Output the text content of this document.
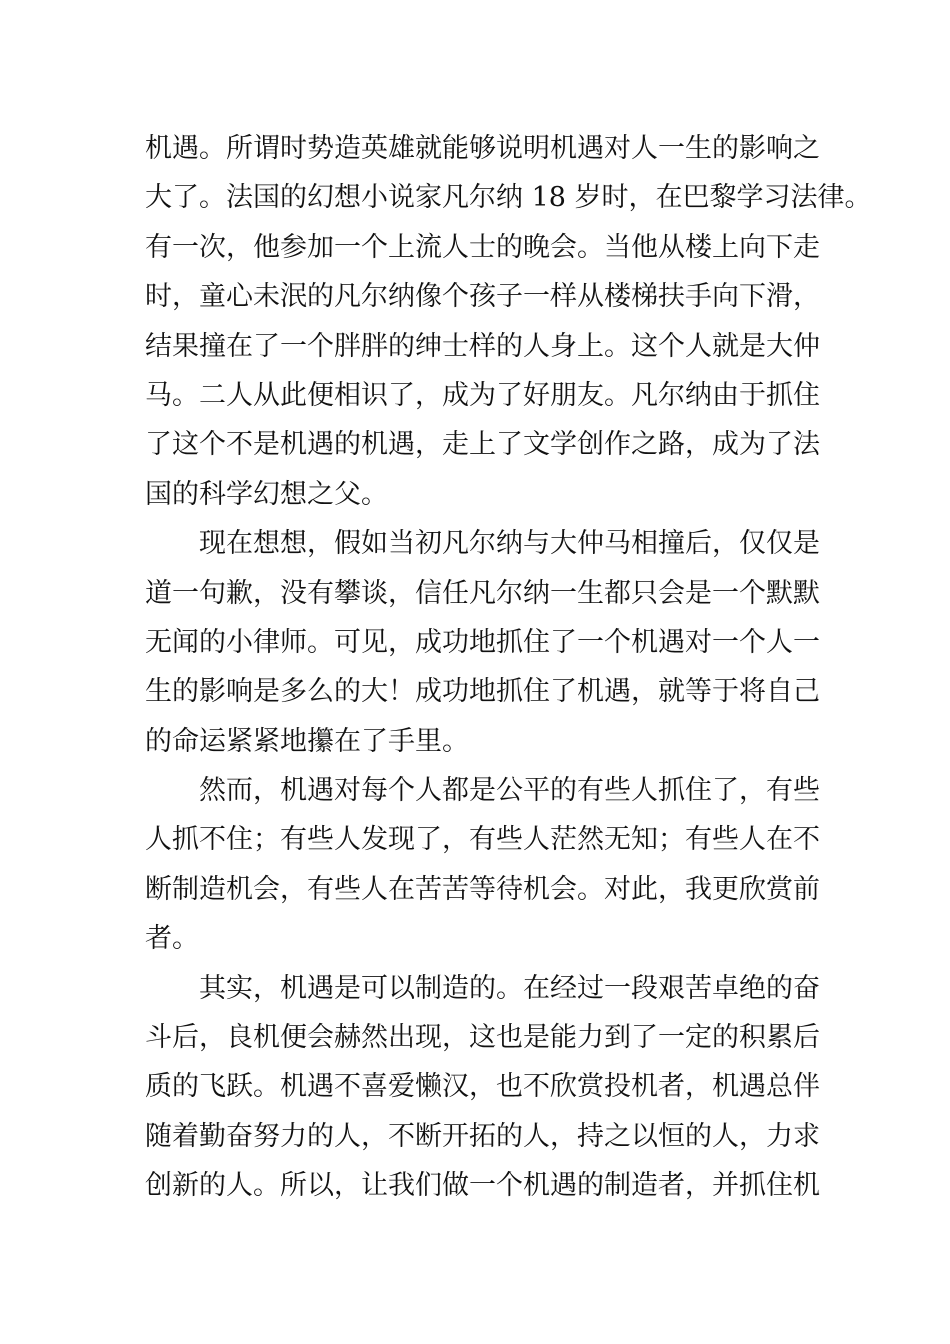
机遇。所谓时势造英雄就能够说明机遇对人一生的影响之
大了。法国的幻想小说家凡尔纳 18 岁时，在巴黎学习法律。
有一次，他参加一个上流人士的晚会。当他从楼上向下走
时，童心未泯的凡尔纳像个孩子一样从楼梯扶手向下滑，
结果撞在了一个胖胖的绅士样的人身上。这个人就是大仲
马。二人从此便相识了，成为了好朋友。凡尔纳由于抓住
了这个不是机遇的机遇，走上了文学创作之路，成为了法
国的科学幻想之父。
现在想想，假如当初凡尔纳与大仲马相撞后，仅仅是
道一句歉，没有攀谈，信任凡尔纳一生都只会是一个默默
无闻的小律师。可见，成功地抓住了一个机遇对一个人一
生的影响是多么的大！成功地抓住了机遇，就等于将自己
的命运紧紧地攥在了手里。
然而，机遇对每个人都是公平的有些人抓住了，有些
人抓不住；有些人发现了，有些人茫然无知；有些人在不
断制造机会，有些人在苦苦等待机会。对此，我更欣赏前
者。
其实，机遇是可以制造的。在经过一段艰苦卓绝的奋
斗后，良机便会赫然出现，这也是能力到了一定的积累后
质的飞跃。机遇不喜爱懒汉，也不欣赏投机者，机遇总伴
随着勤奋努力的人，不断开拓的人，持之以恒的人，力求
创新的人。所以，让我们做一个机遇的制造者，并抓住机
